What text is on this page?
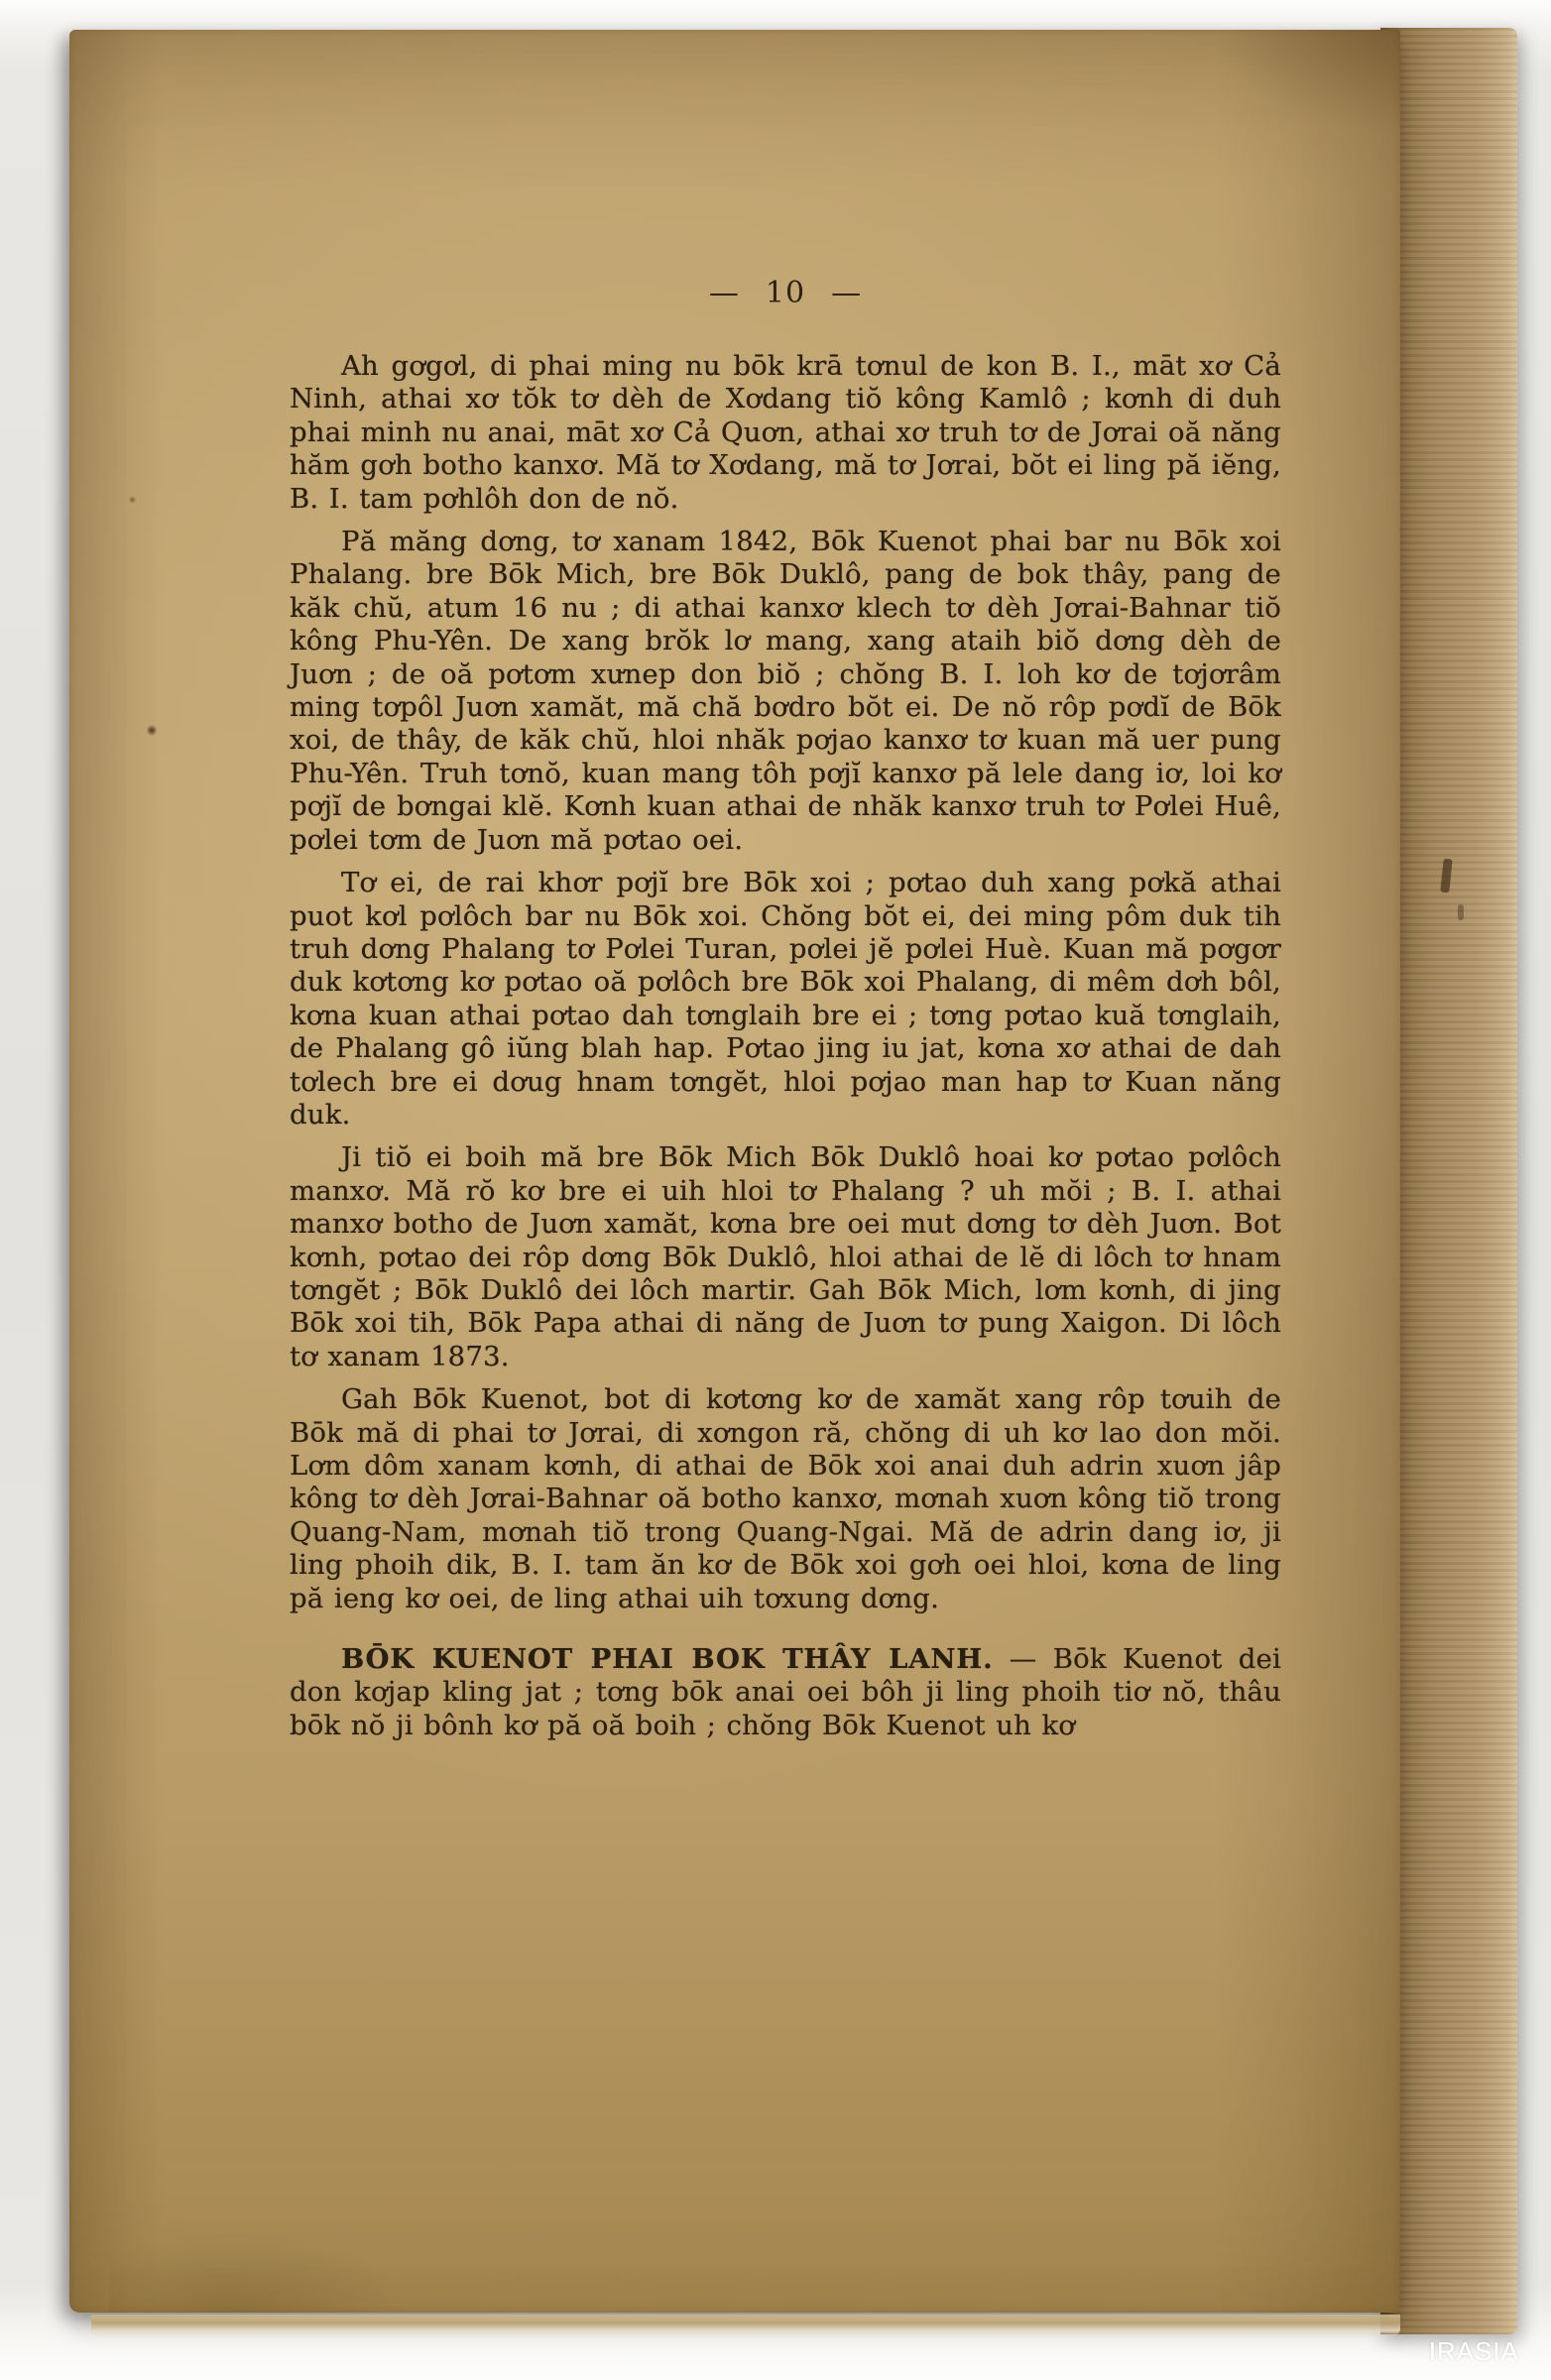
— 10 —

Ah gơgơl, di phai ming nu bōk krā tơnul de kon B. I., māt xơ Cả Ninh, athai xơ tŏk tơ dèh de Xơdang tiŏ kông Kamlô ; kơnh di duh phai minh nu anai, māt xơ Cả Quơn, athai xơ truh tơ de Jơrai oă năng hăm gơh botho kanxơ. Mă tơ Xơdang, mă tơ Jơrai, bŏt ei ling pă iĕng, B. I. tam pơhlôh don de nŏ.

Pă măng dơng, tơ xanam 1842, Bōk Kuenot phai bar nu Bōk xoi Phalang. bre Bōk Mich, bre Bōk Duklô, pang de bok thây, pang de kăk chŭ, atum 16 nu ; di athai kanxơ klech tơ dèh Jơrai-Bahnar tiŏ kông Phu-Yên. De xang brŏk lơ mang, xang ataih biŏ dơng dèh de Juơn ; de oă pơtơm xưnep don biŏ ; chŏng B. I. loh kơ de tơjơrâm ming tơpôl Juơn xamăt, mă chă bơdro bŏt ei. De nŏ rôp pơdĭ de Bōk xoi, de thây, de kăk chŭ, hloi nhăk pơjao kanxơ tơ kuan mă uer pung Phu-Yên. Truh tơnŏ, kuan mang tôh pơjĭ kanxơ pă lele dang iơ, loi kơ pơjĭ de bơngai klĕ. Kơnh kuan athai de nhăk kanxơ truh tơ Pơlei Huê, pơlei tơm de Juơn mă pơtao oei.

Tơ ei, de rai khơr pơjĭ bre Bōk xoi ; pơtao duh xang pơkă athai puot kơl pơlôch bar nu Bōk xoi. Chŏng bŏt ei, dei ming pôm duk tih truh dơng Phalang tơ Pơlei Turan, pơlei jĕ pơlei Huè. Kuan mă pơgơr duk kơtơng kơ pơtao oă pơlôch bre Bōk xoi Phalang, di mêm dơh bôl, kơna kuan athai pơtao dah tơnglaih bre ei ; tơng pơtao kuă tơnglaih, de Phalang gô iŭng blah hap. Pơtao jing iu jat, kơna xơ athai de dah tơlech bre ei dơug hnam tơngĕt, hloi pơjao man hap tơ Kuan năng duk.

Ji tiŏ ei boih mă bre Bōk Mich Bōk Duklô hoai kơ pơtao pơlôch manxơ. Mă rŏ kơ bre ei uih hloi tơ Phalang ? uh mŏi ; B. I. athai manxơ botho de Juơn xamăt, kơna bre oei mut dơng tơ dèh Juơn. Bot kơnh, pơtao dei rôp dơng Bōk Duklô, hloi athai de lĕ di lôch tơ hnam tơngĕt ; Bōk Duklô dei lôch martir. Gah Bōk Mich, lơm kơnh, di jing Bōk xoi tih, Bōk Papa athai di năng de Juơn tơ pung Xaigon. Di lôch tơ xanam 1873.

Gah Bōk Kuenot, bot di kơtơng kơ de xamăt xang rôp tơuih de Bōk mă di phai tơ Jơrai, di xơngon ră, chŏng di uh kơ lao don mŏi. Lơm dôm xanam kơnh, di athai de Bōk xoi anai duh adrin xuơn jâp kông tơ dèh Jơrai-Bahnar oă botho kanxơ, mơnah xuơn kông tiŏ trong Quang-Nam, mơnah tiŏ trong Quang-Ngai. Mă de adrin dang iơ, ji ling phoih dik, B. I. tam ăn kơ de Bōk xoi gơh oei hloi, kơna de ling pă ieng kơ oei, de ling athai uih tơxung dơng.

BŌK KUENOT PHAI BOK THÂY LANH. — Bōk Kuenot dei don kơjap kling jat ; tơng bōk anai oei bôh ji ling phoih tiơ nŏ, thâu bōk nŏ ji bônh kơ pă oă boih ; chŏng Bōk Kuenot uh kơ

IRASIA
